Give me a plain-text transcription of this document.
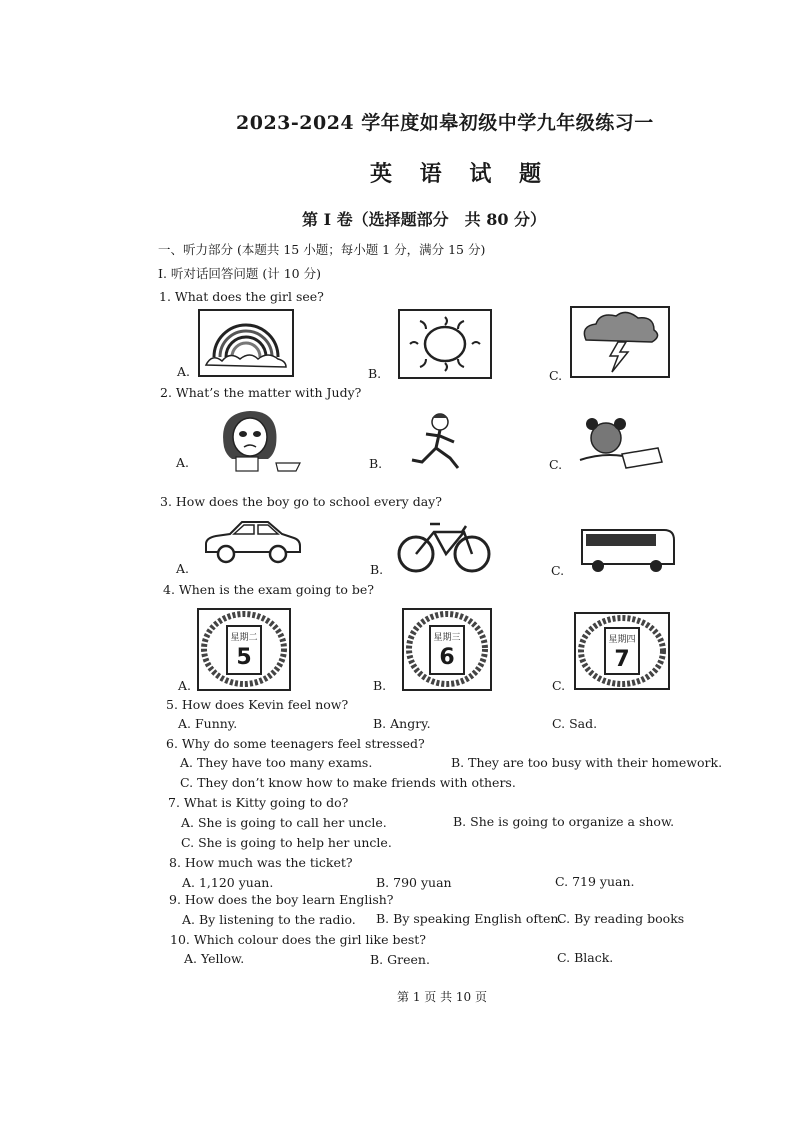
2023-2024 学年度如皋初级中学九年级练习一
英 语 试 题
第 I 卷（选择题部分　共 80 分）
一、听力部分 (本题共 15 小题；每小题 1 分，满分 15 分)
I. 听对话回答问题 (计 10 分)
1. What does the girl see?
A.	B.	C.
2. What’s the matter with Judy?
A.	B.	C.
3. How does the boy go to school every day?
A.	B.	C.
4. When is the exam going to be?
A.
星期二
5
B.
星期三
6
C.
星期四
7
5. How does Kevin feel now?
A. Funny.	B. Angry.	C. Sad.
6. Why do some teenagers feel stressed?
A. They have too many exams.	B. They are too busy with their homework.
C. They don’t know how to make friends with others.
7. What is Kitty going to do?
A. She is going to call her uncle.	B. She is going to organize a show.
C. She is going to help her uncle.
8. How much was the ticket?
A. 1,120 yuan.	B. 790 yuan	C. 719 yuan.
9. How does the boy learn English?
A. By listening to the radio. B. By speaking English often.
C. By reading books
10. Which colour does the girl like best?
A. Yellow.	B. Green.	C. Black.
第 1 页 共 10 页
